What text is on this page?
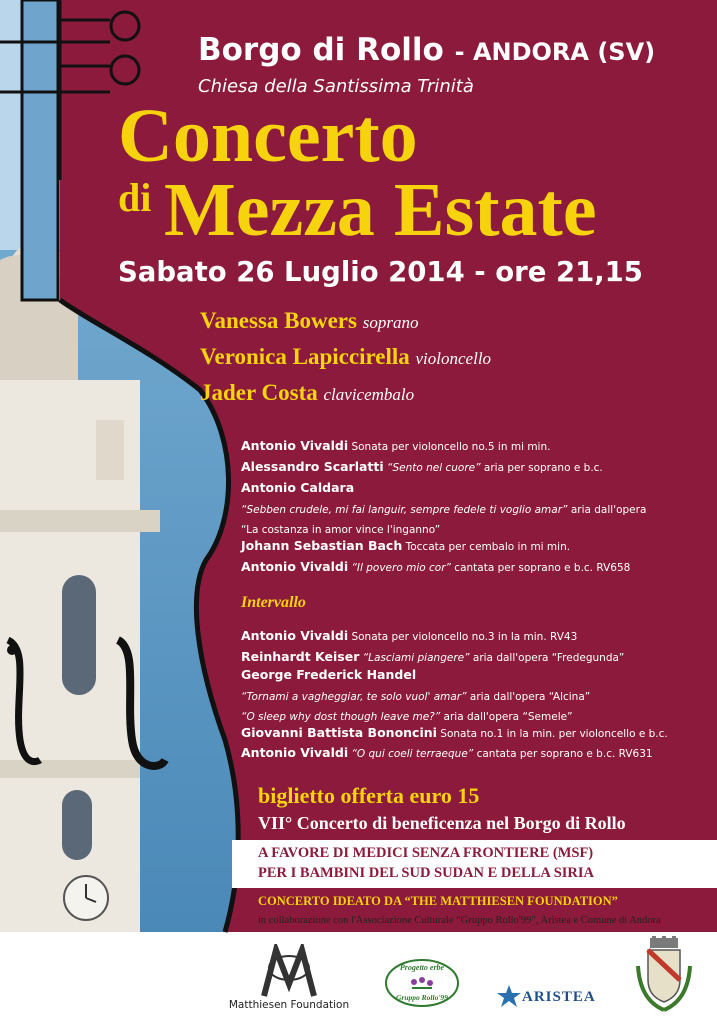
Borgo di Rollo - ANDORA (SV)
Chiesa della Santissima Trinità
Concerto
di Mezza Estate
Sabato 26 Luglio 2014 - ore 21,15
Vanessa Bowers soprano
Veronica Lapiccirella violoncello
Jader Costa clavicembalo
Antonio Vivaldi Sonata per violoncello no.5 in mi min.
Alessandro Scarlatti “Sento nel cuore” aria per soprano e b.c.
Antonio Caldara
“Sebben crudele, mi fai languir, sempre fedele ti voglio amar” aria dall'opera
“La costanza in amor vince l'inganno”
Johann Sebastian Bach Toccata per cembalo in mi min.
Antonio Vivaldi “Il povero mio cor” cantata per soprano e b.c. RV658
Intervallo
Antonio Vivaldi Sonata per violoncello no.3 in la min. RV43
Reinhardt Keiser “Lasciami piangere” aria dall'opera “Fredegunda”
George Frederick Handel
“Tornami a vagheggiar, te solo vuol' amar” aria dall'opera “Alcina”
“O sleep why dost though leave me?” aria dall'opera “Semele”
Giovanni Battista Bononcini Sonata no.1 in la min. per violoncello e b.c.
Antonio Vivaldi “O qui coeli terraeque” cantata per soprano e b.c. RV631
biglietto offerta euro 15
VII° Concerto di beneficenza nel Borgo di Rollo
A FAVORE DI MEDICI SENZA FRONTIERE (MSF)
PER I BAMBINI DEL SUD SUDAN E DELLA SIRIA
CONCERTO IDEATO DA “THE MATTHIESEN FOUNDATION”
in collaborazione con l'Associazione Culturale “Gruppo Rollo'99”, Aristea e Comune di Andora
Matthiesen Foundation
Progetto erbe
Gruppo Rollo'99	ARISTEA
